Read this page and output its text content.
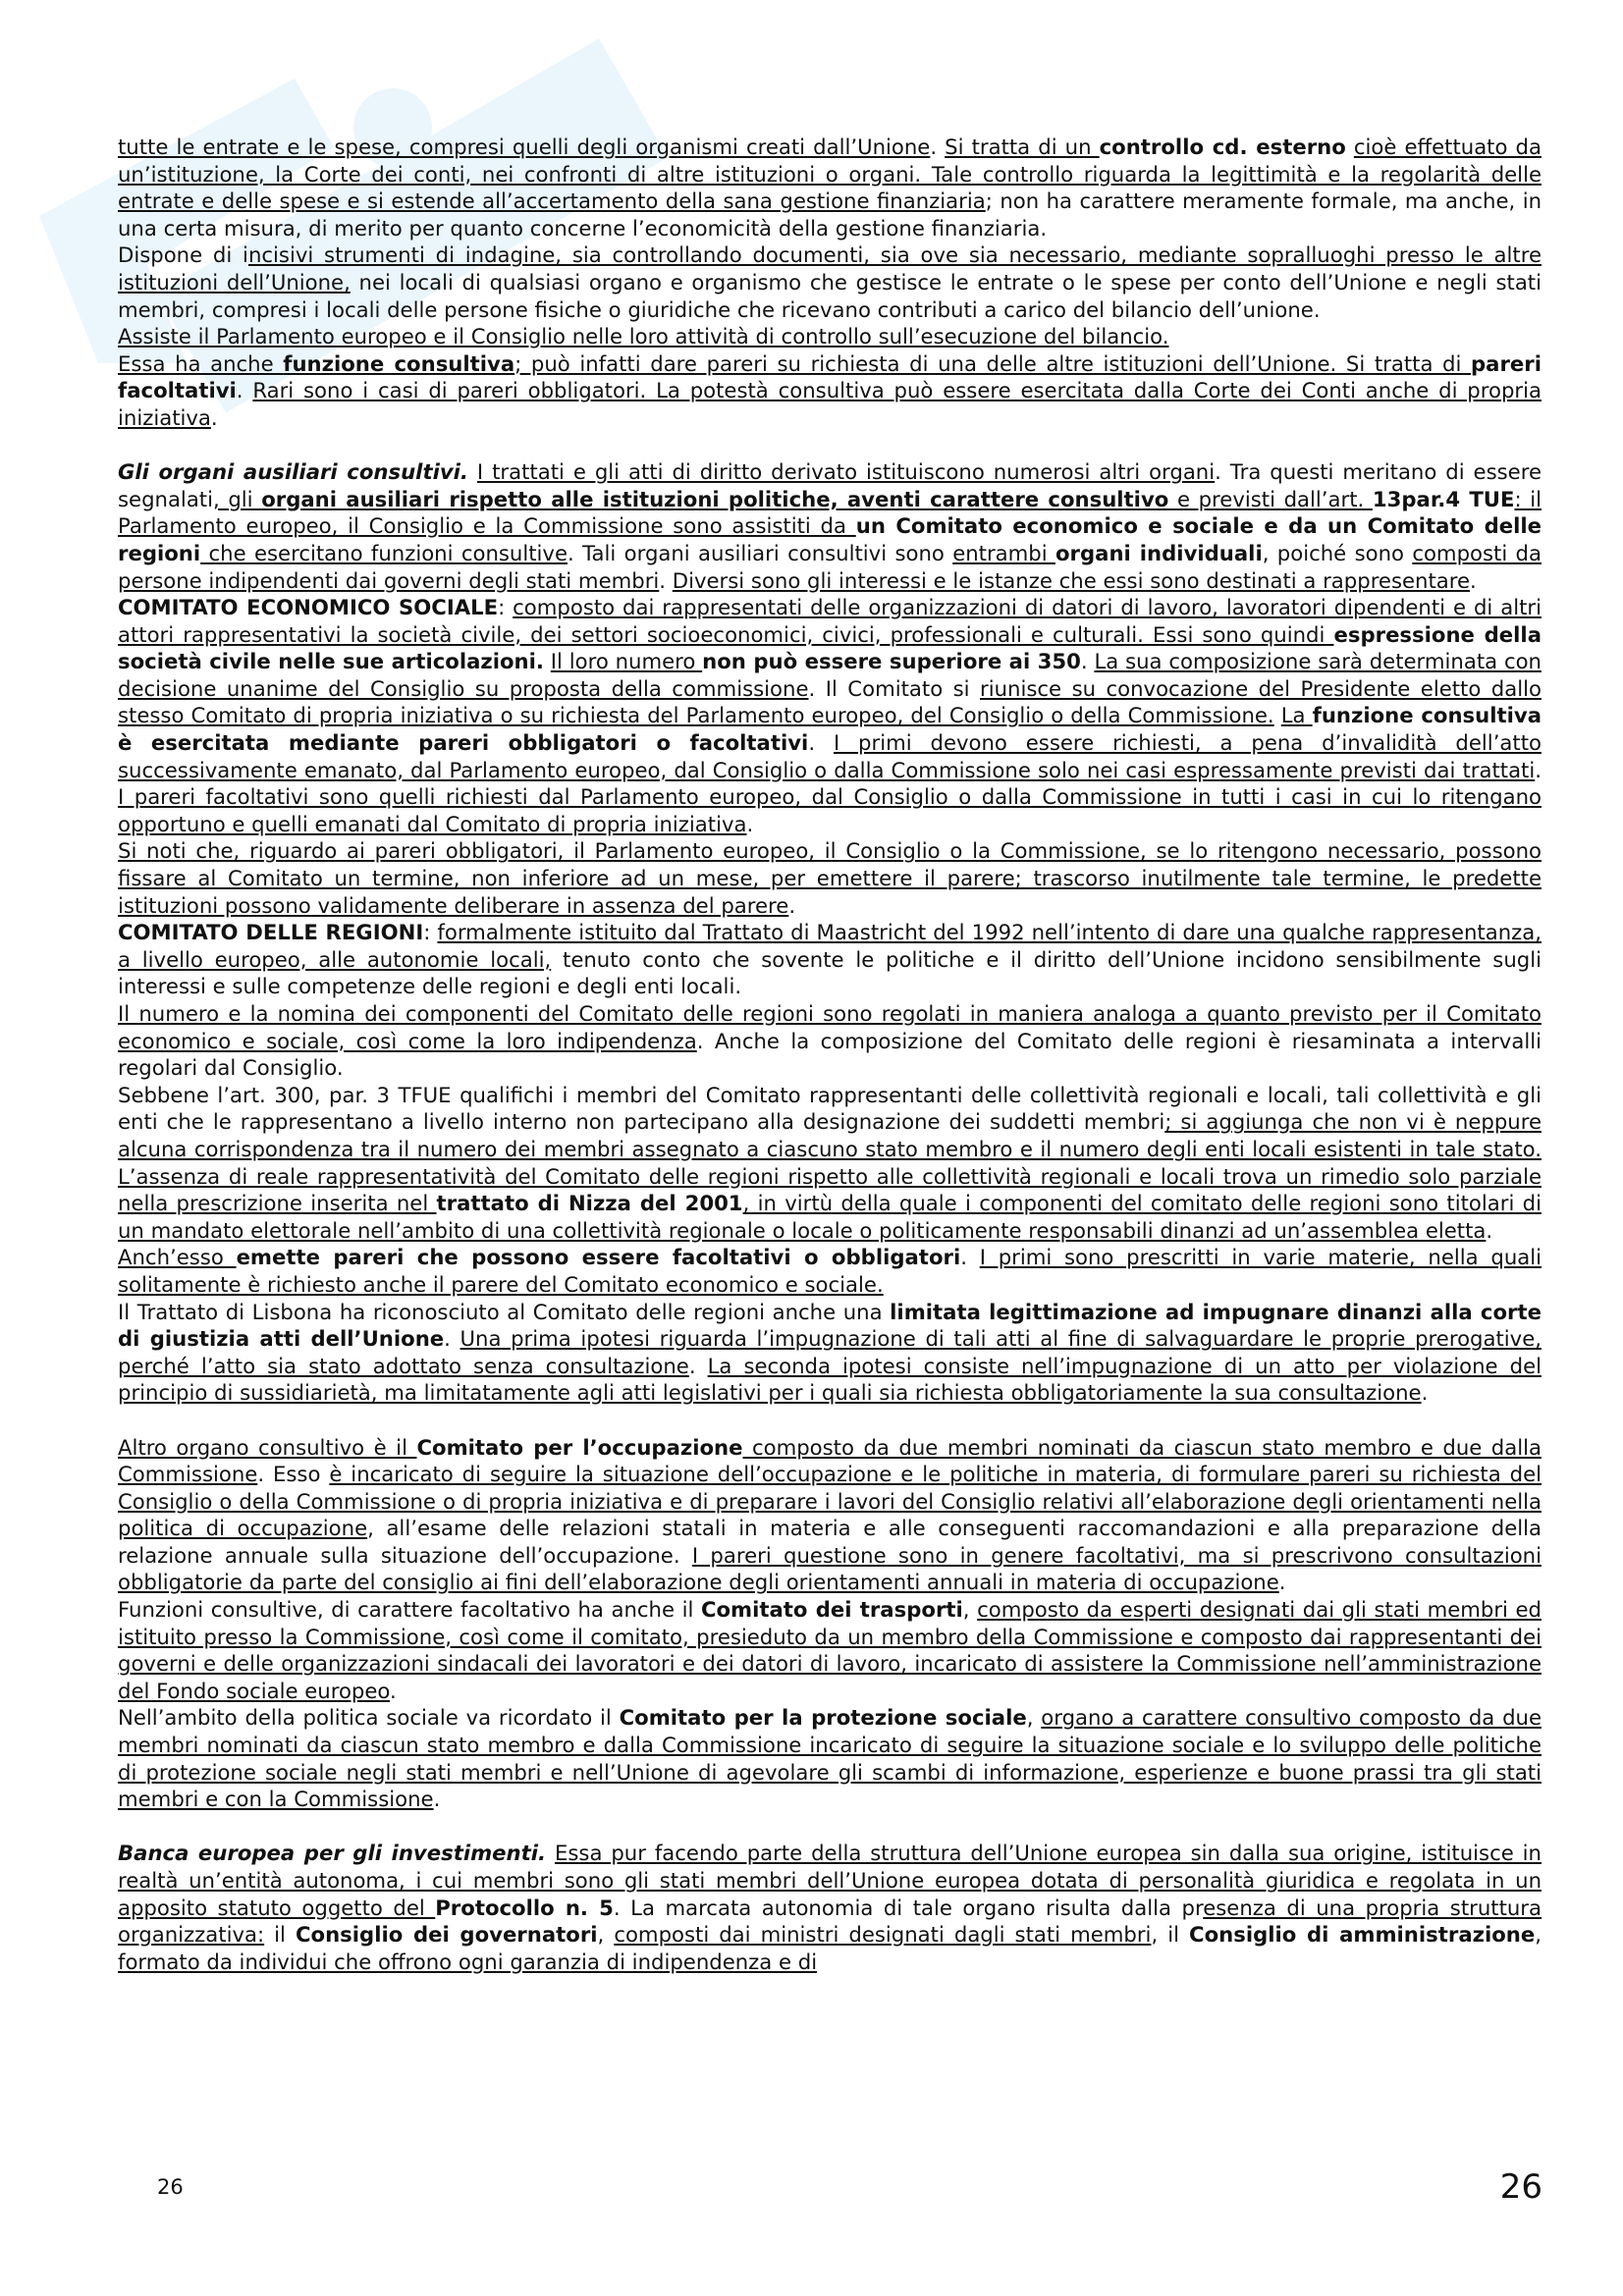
tutte le entrate e le spese, compresi quelli degli organismi creati dall’Unione. Si tratta di un controllo cd. esterno cioè effettuato da un’istituzione, la Corte dei conti, nei confronti di altre istituzioni o organi. Tale controllo riguarda la legittimità e la regolarità delle entrate e delle spese e si estende all’accertamento della sana gestione finanziaria; non ha carattere meramente formale, ma anche, in una certa misura, di merito per quanto concerne l’economicità della gestione finanziaria.

Dispone di incisivi strumenti di indagine, sia controllando documenti, sia ove sia necessario, mediante sopralluoghi presso le altre istituzioni dell’Unione, nei locali di qualsiasi organo e organismo che gestisce le entrate o le spese per conto dell’Unione e negli stati membri, compresi i locali delle persone fisiche o giuridiche che ricevano contributi a carico del bilancio dell’unione.

Assiste il Parlamento europeo e il Consiglio nelle loro attività di controllo sull’esecuzione del bilancio.

Essa ha anche funzione consultiva; può infatti dare pareri su richiesta di una delle altre istituzioni dell’Unione. Si tratta di pareri facoltativi. Rari sono i casi di pareri obbligatori. La potestà consultiva può essere esercitata dalla Corte dei Conti anche di propria iniziativa.

Gli organi ausiliari consultivi. I trattati e gli atti di diritto derivato istituiscono numerosi altri organi. Tra questi meritano di essere segnalati, gli organi ausiliari rispetto alle istituzioni politiche, aventi carattere consultivo e previsti dall’art. 13par.4 TUE: il Parlamento europeo, il Consiglio e la Commissione sono assistiti da un Comitato economico e sociale e da un Comitato delle regioni che esercitano funzioni consultive. Tali organi ausiliari consultivi sono entrambi organi individuali, poiché sono composti da persone indipendenti dai governi degli stati membri. Diversi sono gli interessi e le istanze che essi sono destinati a rappresentare.

COMITATO ECONOMICO SOCIALE: composto dai rappresentati delle organizzazioni di datori di lavoro, lavoratori dipendenti e di altri attori rappresentativi la società civile, dei settori socioeconomici, civici, professionali e culturali. Essi sono quindi espressione della società civile nelle sue articolazioni. Il loro numero non può essere superiore ai 350. La sua composizione sarà determinata con decisione unanime del Consiglio su proposta della commissione. Il Comitato si riunisce su convocazione del Presidente eletto dallo stesso Comitato di propria iniziativa o su richiesta del Parlamento europeo, del Consiglio o della Commissione. La funzione consultiva è esercitata mediante pareri obbligatori o facoltativi. I primi devono essere richiesti, a pena d’invalidità dell’atto successivamente emanato, dal Parlamento europeo, dal Consiglio o dalla Commissione solo nei casi espressamente previsti dai trattati. I pareri facoltativi sono quelli richiesti dal Parlamento europeo, dal Consiglio o dalla Commissione in tutti i casi in cui lo ritengano opportuno e quelli emanati dal Comitato di propria iniziativa.

Si noti che, riguardo ai pareri obbligatori, il Parlamento europeo, il Consiglio o la Commissione, se lo ritengono necessario, possono fissare al Comitato un termine, non inferiore ad un mese, per emettere il parere; trascorso inutilmente tale termine, le predette istituzioni possono validamente deliberare in assenza del parere.

COMITATO DELLE REGIONI: formalmente istituito dal Trattato di Maastricht del 1992 nell’intento di dare una qualche rappresentanza, a livello europeo, alle autonomie locali, tenuto conto che sovente le politiche e il diritto dell’Unione incidono sensibilmente sugli interessi e sulle competenze delle regioni e degli enti locali.

Il numero e la nomina dei componenti del Comitato delle regioni sono regolati in maniera analoga a quanto previsto per il Comitato economico e sociale, così come la loro indipendenza. Anche la composizione del Comitato delle regioni è riesaminata a intervalli regolari dal Consiglio.

Sebbene l’art. 300, par. 3 TFUE qualifichi i membri del Comitato rappresentanti delle collettività regionali e locali, tali collettività e gli enti che le rappresentano a livello interno non partecipano alla designazione dei suddetti membri; si aggiunga che non vi è neppure alcuna corrispondenza tra il numero dei membri assegnato a ciascuno stato membro e il numero degli enti locali esistenti in tale stato. L’assenza di reale rappresentatività del Comitato delle regioni rispetto alle collettività regionali e locali trova un rimedio solo parziale nella prescrizione inserita nel trattato di Nizza del 2001, in virtù della quale i componenti del comitato delle regioni sono titolari di un mandato elettorale nell’ambito di una collettività regionale o locale o politicamente responsabili dinanzi ad un’assemblea eletta.

Anch’esso emette pareri che possono essere facoltativi o obbligatori. I primi sono prescritti in varie materie, nella quali solitamente è richiesto anche il parere del Comitato economico e sociale.

Il Trattato di Lisbona ha riconosciuto al Comitato delle regioni anche una limitata legittimazione ad impugnare dinanzi alla corte di giustizia atti dell’Unione. Una prima ipotesi riguarda l’impugnazione di tali atti al fine di salvaguardare le proprie prerogative, perché l’atto sia stato adottato senza consultazione. La seconda ipotesi consiste nell’impugnazione di un atto per violazione del principio di sussidiarietà, ma limitatamente agli atti legislativi per i quali sia richiesta obbligatoriamente la sua consultazione.

Altro organo consultivo è il Comitato per l’occupazione composto da due membri nominati da ciascun stato membro e due dalla Commissione. Esso è incaricato di seguire la situazione dell’occupazione e le politiche in materia, di formulare pareri su richiesta del Consiglio o della Commissione o di propria iniziativa e di preparare i lavori del Consiglio relativi all’elaborazione degli orientamenti nella politica di occupazione, all’esame delle relazioni statali in materia e alle conseguenti raccomandazioni e alla preparazione della relazione annuale sulla situazione dell’occupazione. I pareri questione sono in genere facoltativi, ma si prescrivono consultazioni obbligatorie da parte del consiglio ai fini dell’elaborazione degli orientamenti annuali in materia di occupazione.

Funzioni consultive, di carattere facoltativo ha anche il Comitato dei trasporti, composto da esperti designati dai gli stati membri ed istituito presso la Commissione, così come il comitato, presieduto da un membro della Commissione e composto dai rappresentanti dei governi e delle organizzazioni sindacali dei lavoratori e dei datori di lavoro, incaricato di assistere la Commissione nell’amministrazione del Fondo sociale europeo.

Nell’ambito della politica sociale va ricordato il Comitato per la protezione sociale, organo a carattere consultivo composto da due membri nominati da ciascun stato membro e dalla Commissione incaricato di seguire la situazione sociale e lo sviluppo delle politiche di protezione sociale negli stati membri e nell’Unione di agevolare gli scambi di informazione, esperienze e buone prassi tra gli stati membri e con la Commissione.

Banca europea per gli investimenti. Essa pur facendo parte della struttura dell’Unione europea sin dalla sua origine, istituisce in realtà un’entità autonoma, i cui membri sono gli stati membri dell’Unione europea dotata di personalità giuridica e regolata in un apposito statuto oggetto del Protocollo n. 5. La marcata autonomia di tale organo risulta dalla presenza di una propria struttura organizzativa: il Consiglio dei governatori, composti dai ministri designati dagli stati membri, il Consiglio di amministrazione, formato da individui che offrono ogni garanzia di indipendenza e di

26	26
